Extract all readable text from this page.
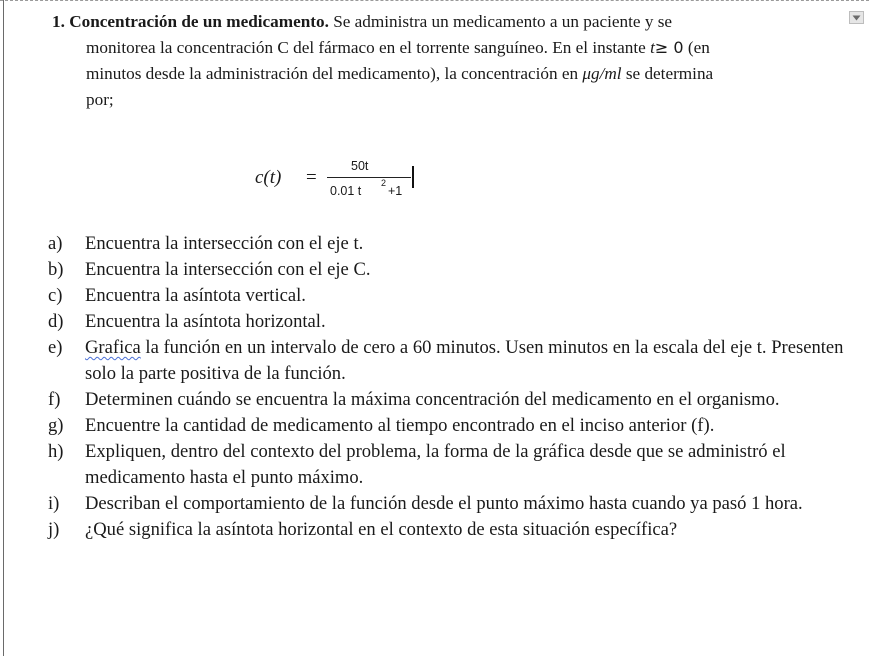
1. Concentración de un medicamento. Se administra un medicamento a un paciente y se
monitorea la concentración C del fármaco en el torrente sanguíneo. En el instante t≥ 0 (en
minutos desde la administración del medicamento), la concentración en μg/ml se determina
por;
c(t) =
50t
0.01 t
2
+1
a) Encuentra la intersección con el eje t.
b) Encuentra la intersección con el eje C.
c) Encuentra la asíntota vertical.
d) Encuentra la asíntota horizontal.
e) Grafica la función en un intervalo de cero a 60 minutos. Usen minutos en la escala del eje t. Presenten solo la parte positiva de la función.
f) Determinen cuándo se encuentra la máxima concentración del medicamento en el organismo.
g) Encuentre la cantidad de medicamento al tiempo encontrado en el inciso anterior (f).
h) Expliquen, dentro del contexto del problema, la forma de la gráfica desde que se administró el medicamento hasta el punto máximo.
i) Describan el comportamiento de la función desde el punto máximo hasta cuando ya pasó 1 hora.
j) ¿Qué significa la asíntota horizontal en el contexto de esta situación específica?
